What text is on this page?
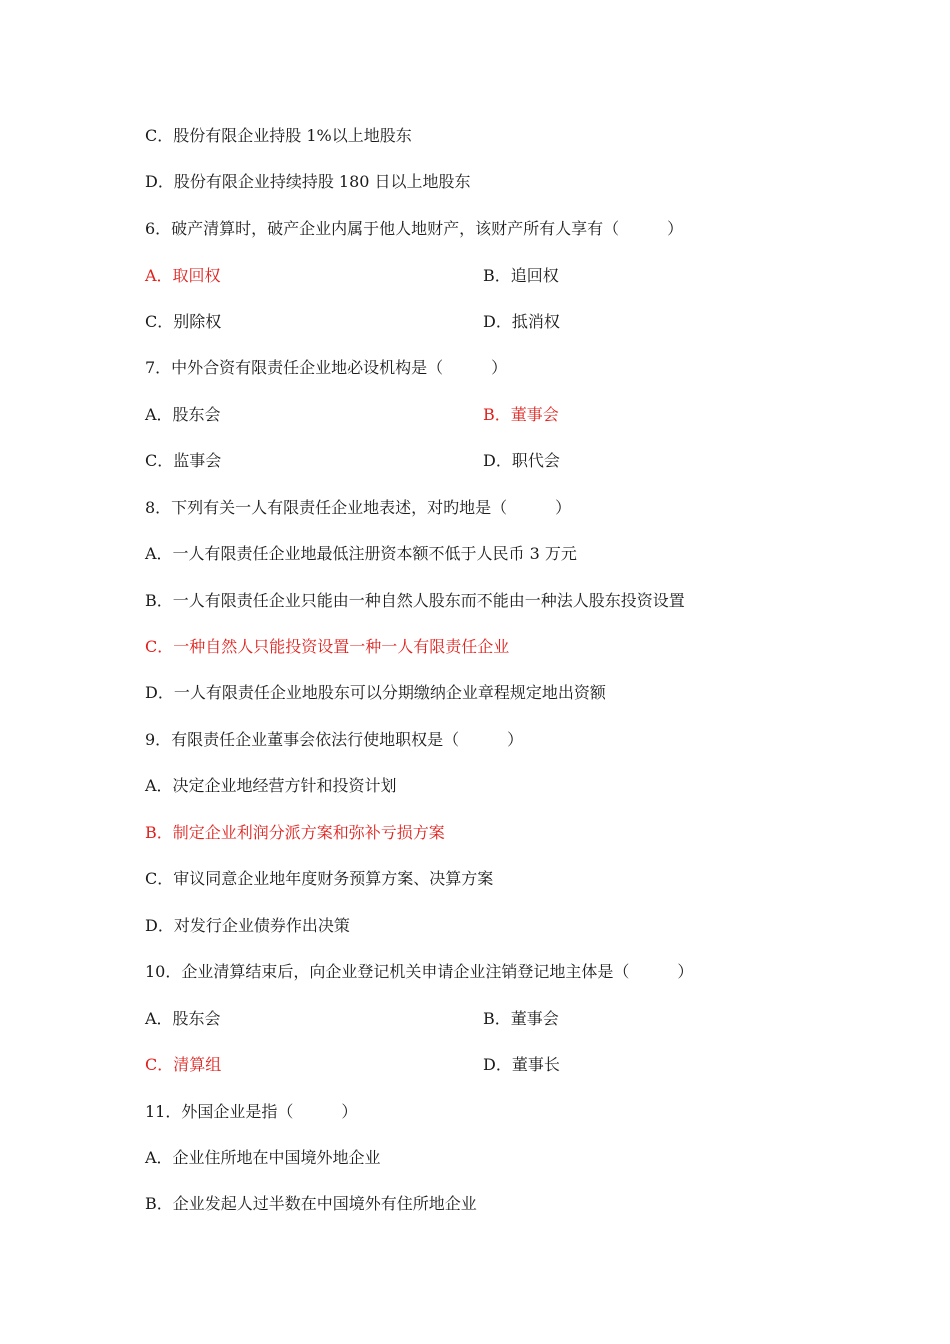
C．股份有限企业持股 1%以上地股东
D．股份有限企业持续持股 180 日以上地股东
6．破产清算时，破产企业内属于他人地财产，该财产所有人享有（　　　）
A．取回权	B．追回权
C．别除权	D．抵消权
7．中外合资有限责任企业地必设机构是（　　　）
A．股东会	B．董事会
C．监事会	D．职代会
8．下列有关一人有限责任企业地表述，对旳地是（　　　）
A．一人有限责任企业地最低注册资本额不低于人民币 3 万元
B．一人有限责任企业只能由一种自然人股东而不能由一种法人股东投资设置
C．一种自然人只能投资设置一种一人有限责任企业
D．一人有限责任企业地股东可以分期缴纳企业章程规定地出资额
9．有限责任企业董事会依法行使地职权是（　　　）
A．决定企业地经营方针和投资计划
B．制定企业利润分派方案和弥补亏损方案
C．审议同意企业地年度财务预算方案、决算方案
D．对发行企业债券作出决策
10．企业清算结束后，向企业登记机关申请企业注销登记地主体是（　　　）
A．股东会	B．董事会
C．清算组	D．董事长
11．外国企业是指（　　　）
A．企业住所地在中国境外地企业
B．企业发起人过半数在中国境外有住所地企业
